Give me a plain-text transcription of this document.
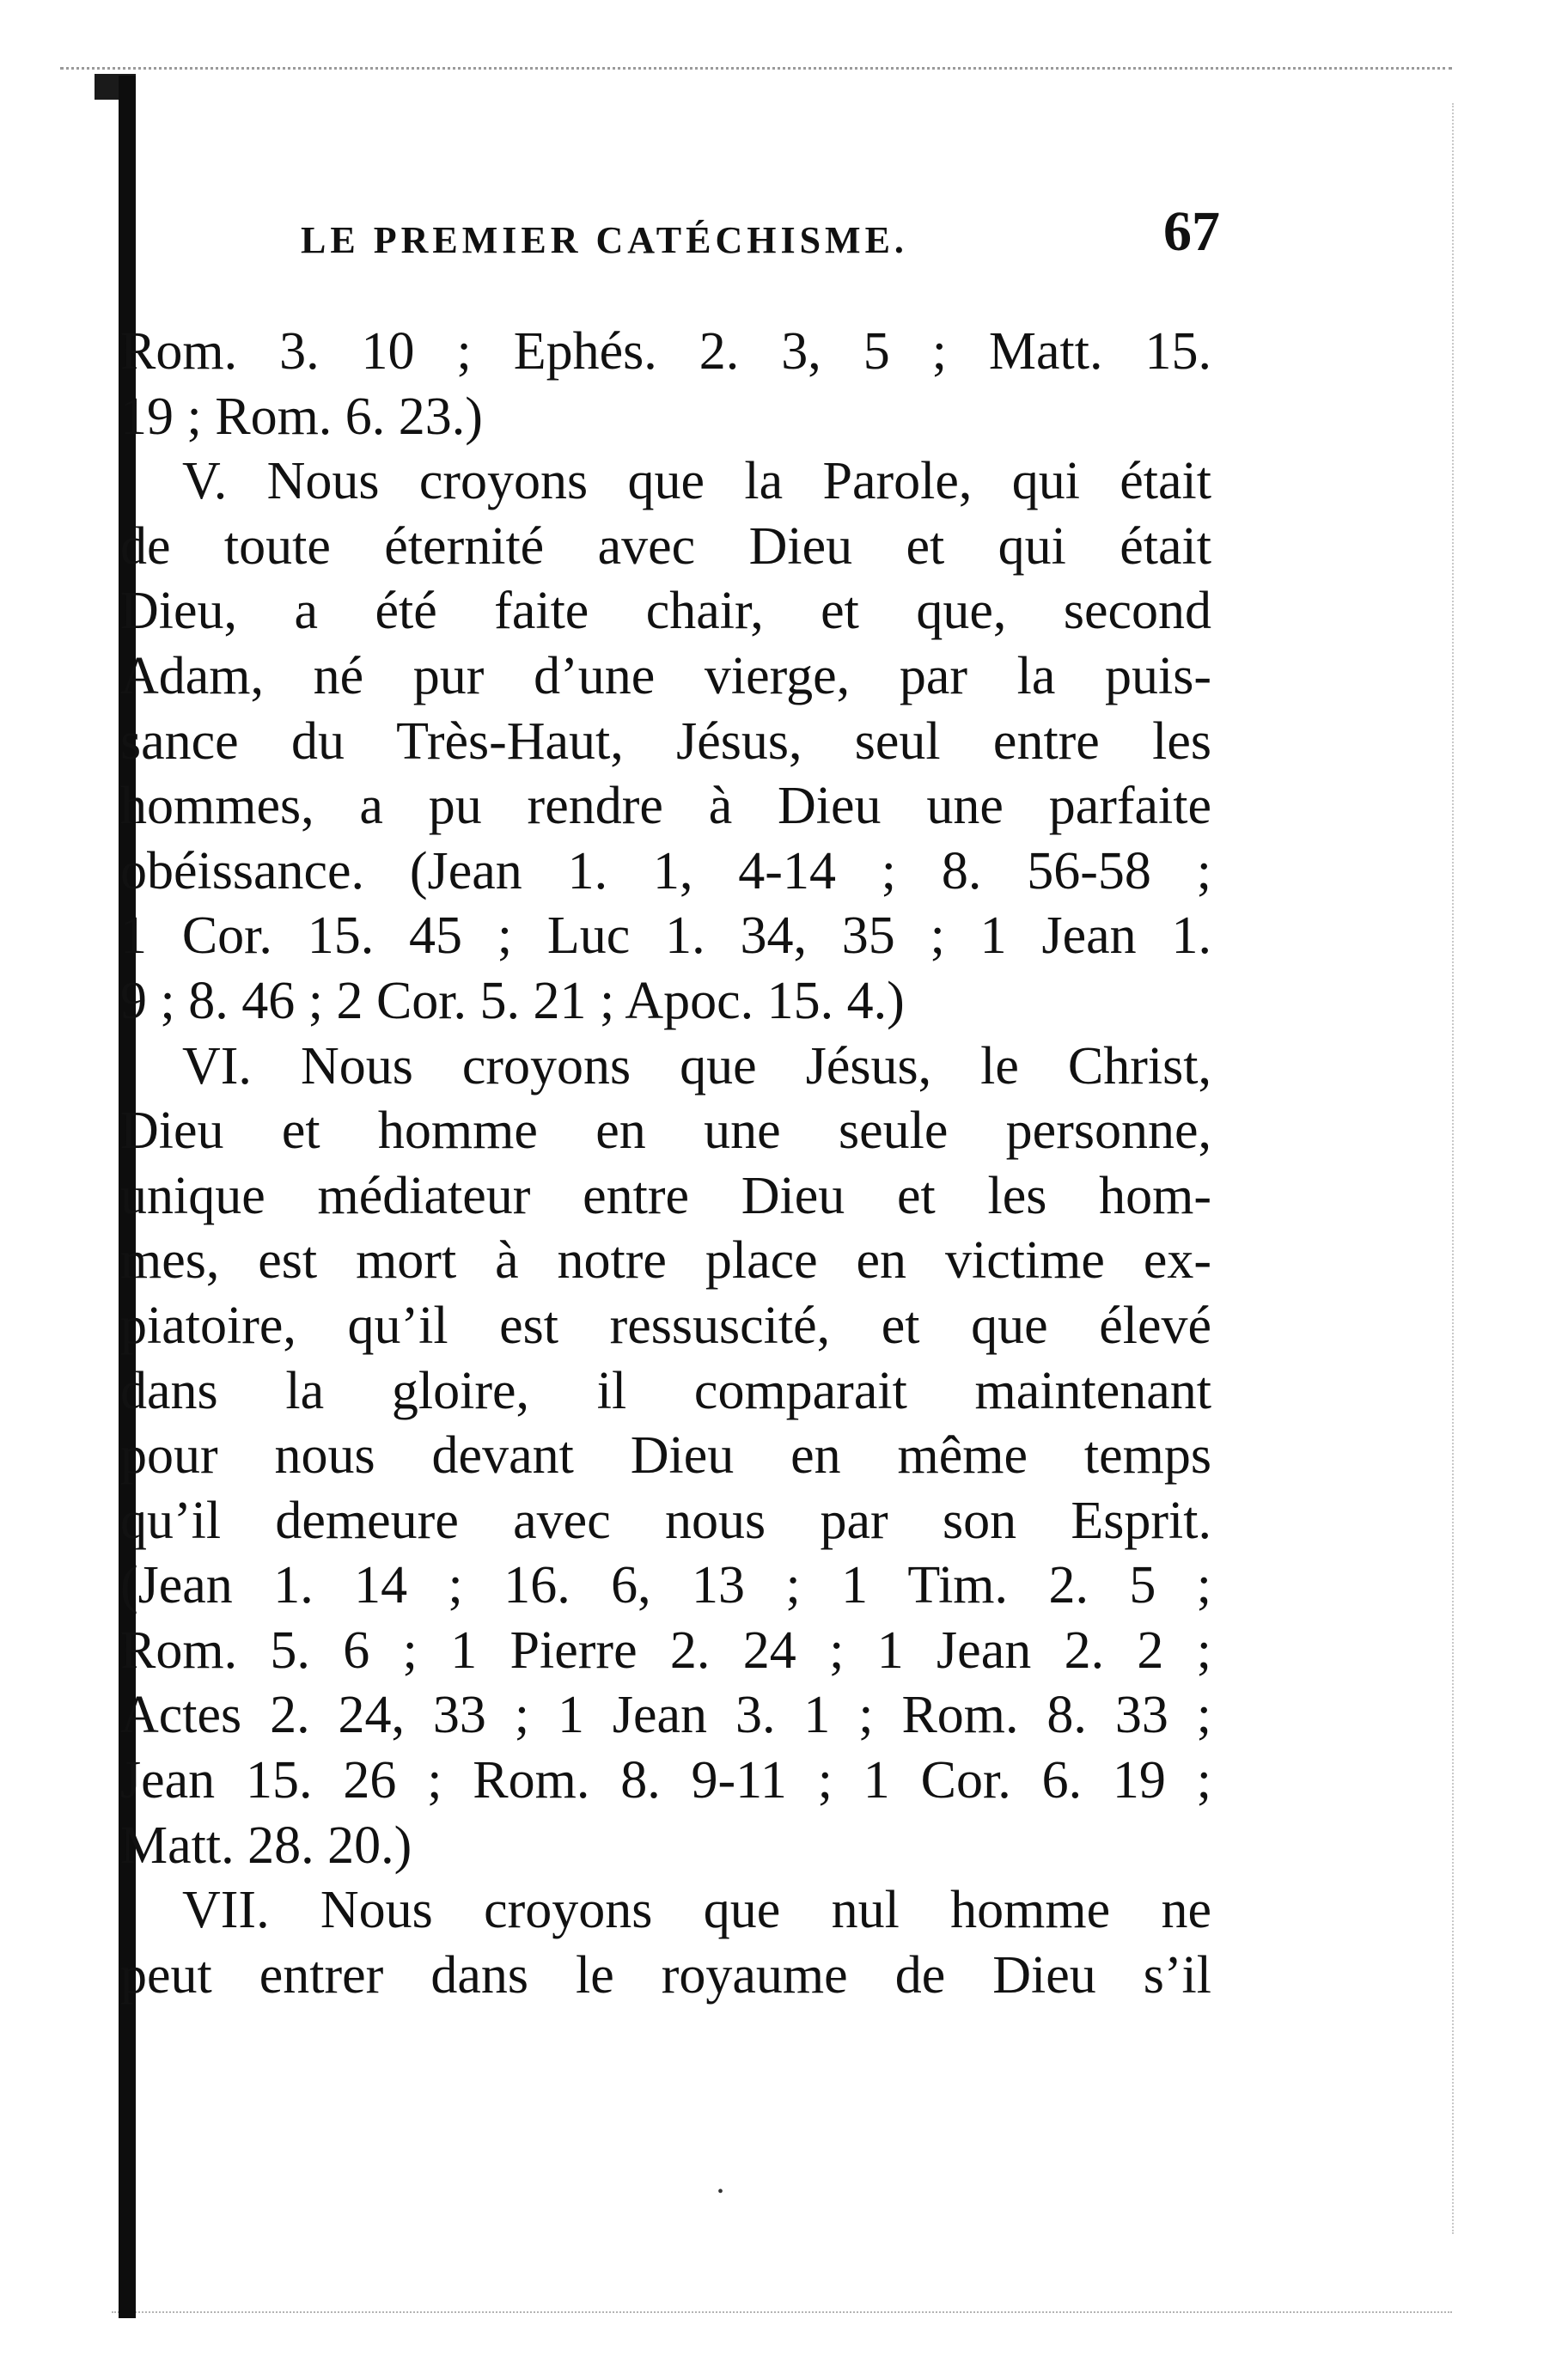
LE PREMIER CATÉCHISME.	67
Rom. 3. 10 ; Ephés. 2. 3, 5 ; Matt. 15.
19 ; Rom. 6. 23.)
V. Nous croyons que la Parole, qui était
de toute éternité avec Dieu et qui était
Dieu, a été faite chair, et que, second
Adam, né pur d’une vierge, par la puis-
sance du Très-Haut, Jésus, seul entre les
hommes, a pu rendre à Dieu une parfaite
obéissance. (Jean 1. 1, 4-14 ; 8. 56-58 ;
1 Cor. 15. 45 ; Luc 1. 34, 35 ; 1 Jean 1.
9 ; 8. 46 ; 2 Cor. 5. 21 ; Apoc. 15. 4.)
VI. Nous croyons que Jésus, le Christ,
Dieu et homme en une seule personne,
unique médiateur entre Dieu et les hom-
mes, est mort à notre place en victime ex-
piatoire, qu’il est ressuscité, et que élevé
dans la gloire, il comparait maintenant
pour nous devant Dieu en même temps
qu’il demeure avec nous par son Esprit.
(Jean 1. 14 ; 16. 6, 13 ; 1 Tim. 2. 5 ;
Rom. 5. 6 ; 1 Pierre 2. 24 ; 1 Jean 2. 2 ;
Actes 2. 24, 33 ; 1 Jean 3. 1 ; Rom. 8. 33 ;
Jean 15. 26 ; Rom. 8. 9-11 ; 1 Cor. 6. 19 ;
Matt. 28. 20.)
VII. Nous croyons que nul homme ne
peut entrer dans le royaume de Dieu s’il
•
